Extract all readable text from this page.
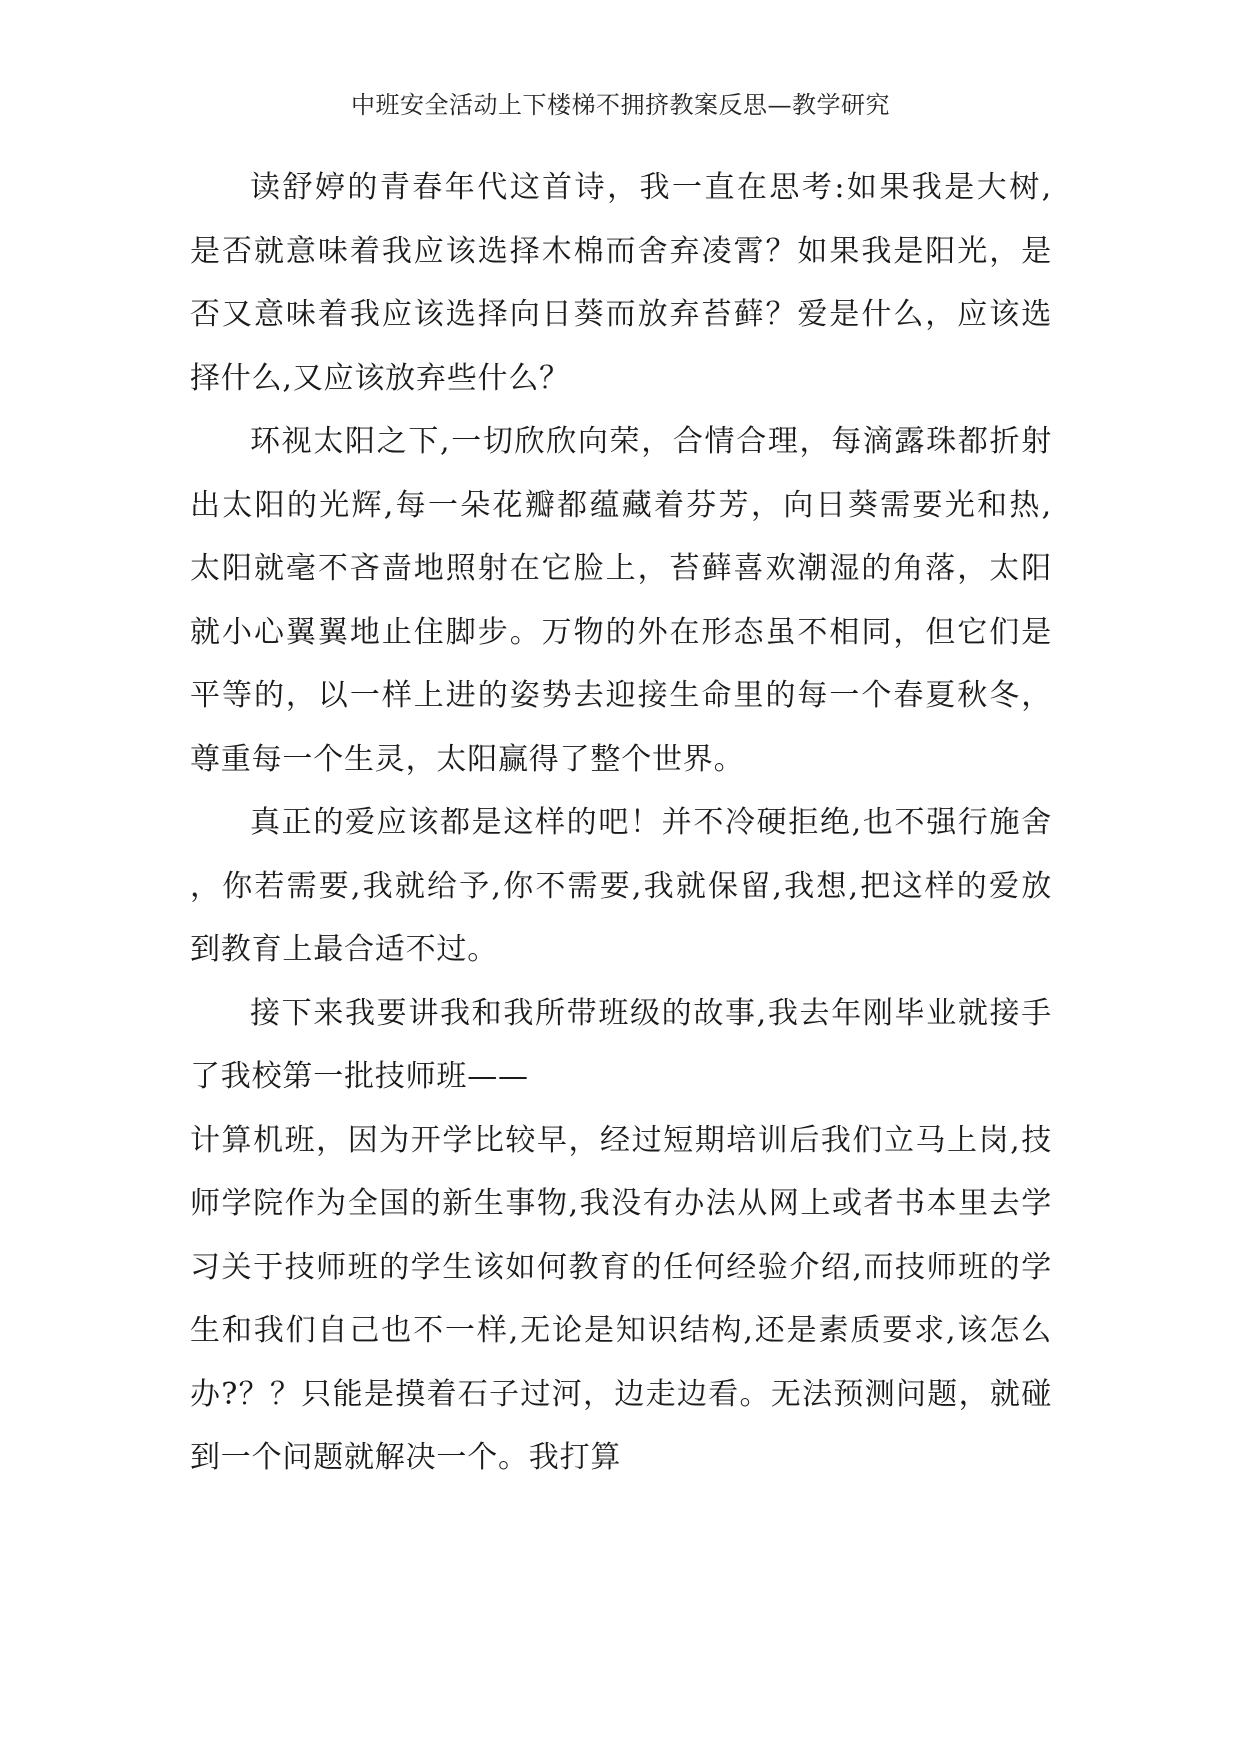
中班安全活动上下楼梯不拥挤教案反思—教学研究
读舒婷的青春年代这首诗，我一直在思考:如果我是大树,
是否就意味着我应该选择木棉而舍弃凌霄？如果我是阳光，是
否又意味着我应该选择向日葵而放弃苔藓？爱是什么，应该选
择什么,又应该放弃些什么？
环视太阳之下,一切欣欣向荣，合情合理，每滴露珠都折射
出太阳的光辉,每一朵花瓣都蕴藏着芬芳，向日葵需要光和热,
太阳就毫不吝啬地照射在它脸上，苔藓喜欢潮湿的角落，太阳
就小心翼翼地止住脚步。万物的外在形态虽不相同，但它们是
平等的，以一样上进的姿势去迎接生命里的每一个春夏秋冬，
尊重每一个生灵，太阳赢得了整个世界。
真正的爱应该都是这样的吧！并不冷硬拒绝,也不强行施舍
，你若需要,我就给予,你不需要,我就保留,我想,把这样的爱放
到教育上最合适不过。
接下来我要讲我和我所带班级的故事,我去年刚毕业就接手
了我校第一批技师班——
计算机班，因为开学比较早，经过短期培训后我们立马上岗,技
师学院作为全国的新生事物,我没有办法从网上或者书本里去学
习关于技师班的学生该如何教育的任何经验介绍,而技师班的学
生和我们自己也不一样,无论是知识结构,还是素质要求,该怎么
办?？？只能是摸着石子过河，边走边看。无法预测问题，就碰
到一个问题就解决一个。我打算
